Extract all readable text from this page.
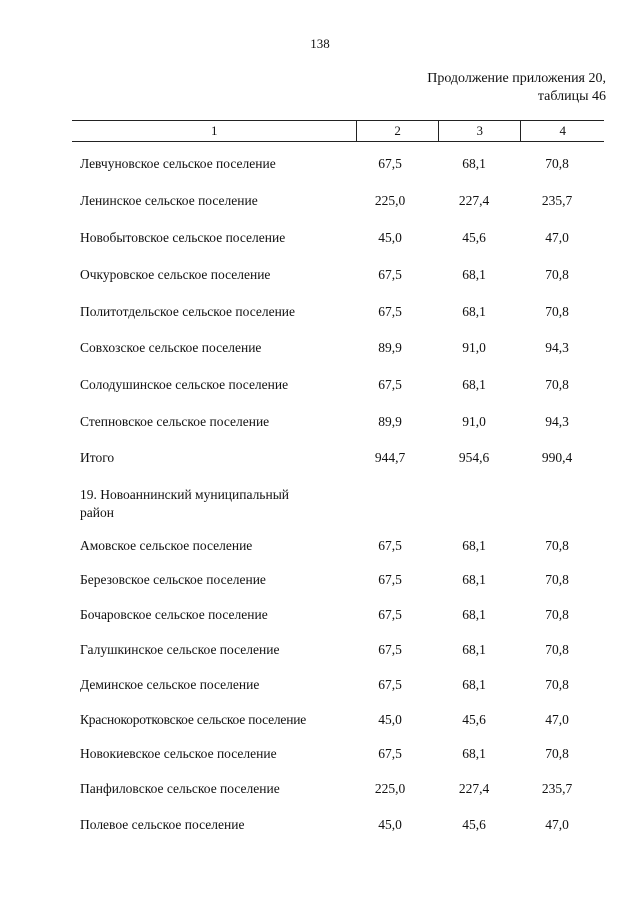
138
Продолжение приложения 20,
таблицы 46
1	2	3	4
Левчуновское сельское поселение	67,5	68,1	70,8
Ленинское сельское поселение	225,0	227,4	235,7
Новобытовское сельское поселение	45,0	45,6	47,0
Очкуровское сельское поселение	67,5	68,1	70,8
Политотдельское сельское поселение	67,5	68,1	70,8
Совхозское сельское поселение	89,9	91,0	94,3
Солодушинское сельское поселение	67,5	68,1	70,8
Степновское сельское поселение	89,9	91,0	94,3
Итого	944,7	954,6	990,4
19. Новоаннинский муниципальный
район
Амовское сельское поселение	67,5	68,1	70,8
Березовское сельское поселение	67,5	68,1	70,8
Бочаровское сельское поселение	67,5	68,1	70,8
Галушкинское сельское поселение	67,5	68,1	70,8
Деминское сельское поселение	67,5	68,1	70,8
Краснокоротковское сельское поселение	45,0	45,6	47,0
Новокиевское сельское поселение	67,5	68,1	70,8
Панфиловское сельское поселение	225,0	227,4	235,7
Полевое сельское поселение	45,0	45,6	47,0
